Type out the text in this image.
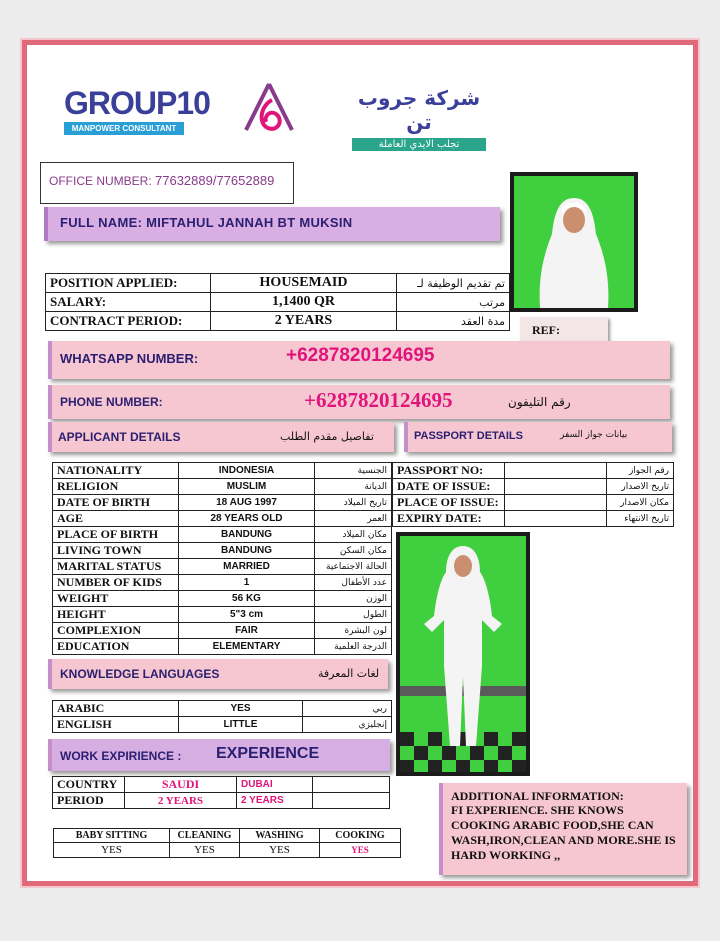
GROUP10
MANPOWER CONSULTANT
شركة جروب تن
تجلب الايدي العاملة
OFFICE NUMBER: 77632889/77652889
FULL NAME: MIFTAHUL JANNAH BT MUKSIN
POSITION APPLIED:	HOUSEMAID	تم تقديم الوظيفة لـ
SALARY:	1,1400 QR	مرتب
CONTRACT PERIOD:	2 YEARS	مدة العقد
REF:
WHATSAPP NUMBER:	+6287820124695
PHONE NUMBER:	+6287820124695	رقم التليفون
APPLICANT DETAILS	تفاصيل مقدم الطلب	PASSPORT DETAILS	بيانات جواز السفر
NATIONALITY	INDONESIA	الجنسية
RELIGION	MUSLIM	الديانة
DATE OF BIRTH	18 AUG 1997	تاريخ الميلاد
AGE	28 YEARS OLD	العمر
PLACE OF BIRTH	BANDUNG	مكان الميلاد
LIVING TOWN	BANDUNG	مكان السكن
MARITAL STATUS	MARRIED	الحالة الاجتماعية
NUMBER OF KIDS	1	عدد الأطفال
WEIGHT	56 KG	الوزن
HEIGHT	5"3 cm	الطول
COMPLEXION	FAIR	لون البشرة
EDUCATION	ELEMENTARY	الدرجة العلمية
PASSPORT NO:		رقم الجواز
DATE OF ISSUE:		تاريخ الاصدار
PLACE OF ISSUE:		مكان الاصدار
EXPIRY DATE:		تاريخ الانتهاء
KNOWLEDGE LANGUAGES	لغات المعرفة
ARABIC	YES	ربي
ENGLISH	LITTLE	إنجليزي
WORK EXPIRIENCE : EXPERIENCE
COUNTRY	SAUDI	DUBAI	
PERIOD	2 YEARS	2 YEARS	
BABY SITTING	CLEANING	WASHING	COOKING
YES	YES	YES	YES
ADDITIONAL INFORMATION:
FI EXPERIENCE. SHE KNOWS COOKING ARABIC FOOD,SHE CAN WASH,IRON,CLEAN AND MORE.SHE IS HARD WORKING ,,
